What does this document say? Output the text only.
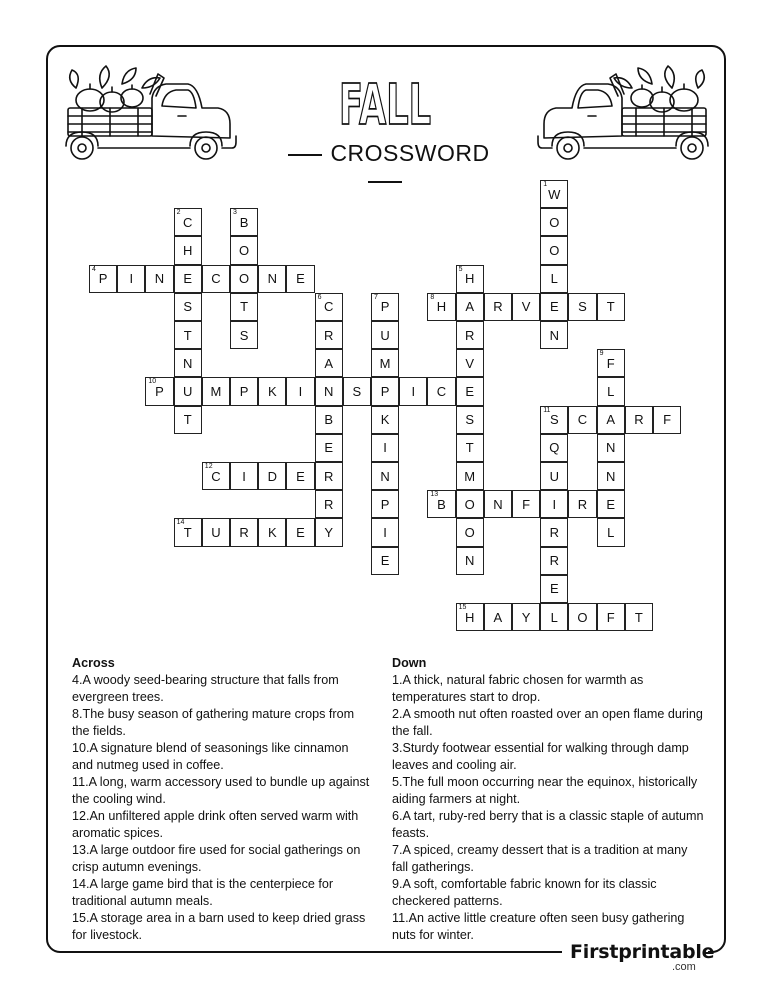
FALL
CROSSWORD
W
1
C
2
B
3
O
H	O	O
P
4
I N E C O N E	H
5
L
S	T	C
6
P
7
H
8
A R V E S T
T	S	R	U	R	N
N	A	M	V	F
9
P
10
U M P K I N S P I C E	L
T	B	K	S	S
11
C A R F
E	I	T	Q	N
C
12
I D E R	N	M	U	N
R	P	B
13
O N F I R E
T
14
U R K E Y	I	O	R	L
E	N	R
E
H
15
A Y L O F T

Across

4.A woody seed-bearing structure that falls from

evergreen trees.

8.The busy season of gathering mature crops from

the fields.

10.A signature blend of seasonings like cinnamon

and nutmeg used in coffee.

11.A long, warm accessory used to bundle up against

the cooling wind.

12.An unfiltered apple drink often served warm with

aromatic spices.

13.A large outdoor fire used for social gatherings on

crisp autumn evenings.

14.A large game bird that is the centerpiece for

traditional autumn meals.

15.A storage area in a barn used to keep dried grass

for livestock.

Down

1.A thick, natural fabric chosen for warmth as

temperatures start to drop.

2.A smooth nut often roasted over an open flame during

the fall.

3.Sturdy footwear essential for walking through damp

leaves and cooling air.

5.The full moon occurring near the equinox, historically

aiding farmers at night.

6.A tart, ruby-red berry that is a classic staple of autumn

feasts.

7.A spiced, creamy dessert that is a tradition at many

fall gatherings.

9.A soft, comfortable fabric known for its classic

checkered patterns.

11.An active little creature often seen busy gathering

nuts for winter.

Firstprintable
.com
